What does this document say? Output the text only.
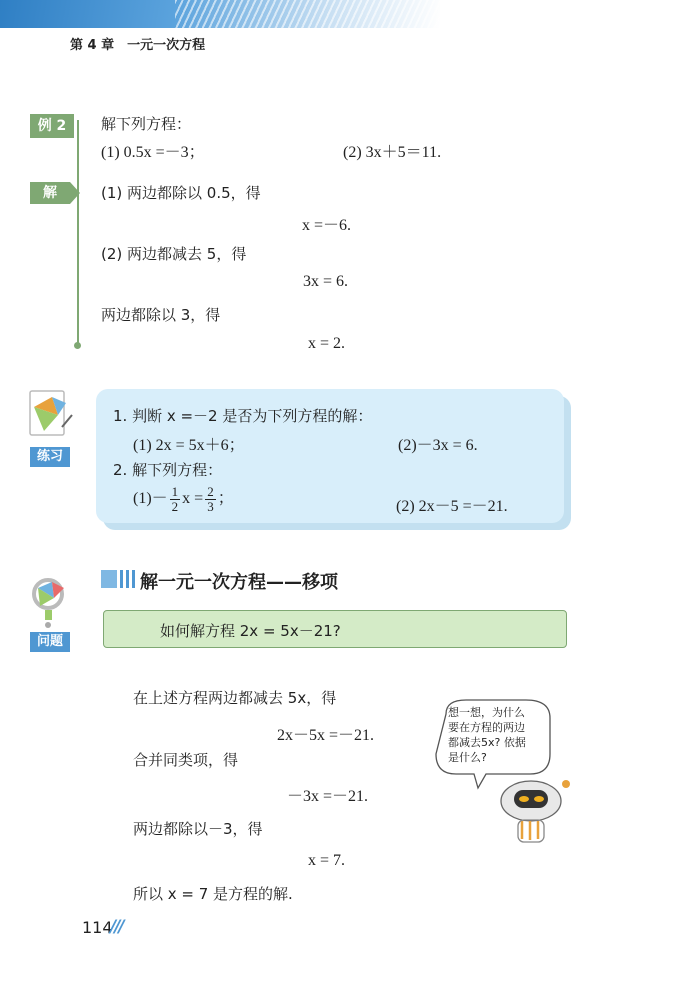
第 4 章　一元一次方程
例 2	解下列方程：
(1) 0.5x =－3；	(2) 3x＋5＝11.
解	(1) 两边都除以 0.5，得
x =－6.
(2) 两边都减去 5，得
3x = 6.
两边都除以 3，得
x = 2.
练习
1. 判断 x =－2 是否为下列方程的解：
(1) 2x = 5x＋6；	(2)－3x = 6.
2. 解下列方程：
$(1)- \frac{1}{2}$ $x = \frac{2}{3}$ ；	(2) 2x－5 =－21.
解一元一次方程——移项
问题
如何解方程 2x = 5x－21?
在上述方程两边都减去 5x，得
2x－5x =－21.
合并同类项，得
－3x =－21.
两边都除以－3，得
x = 7.
所以 x = 7 是方程的解.
想一想，为什么
要在方程的两边
都减去5x? 依据
是什么?
114
///
